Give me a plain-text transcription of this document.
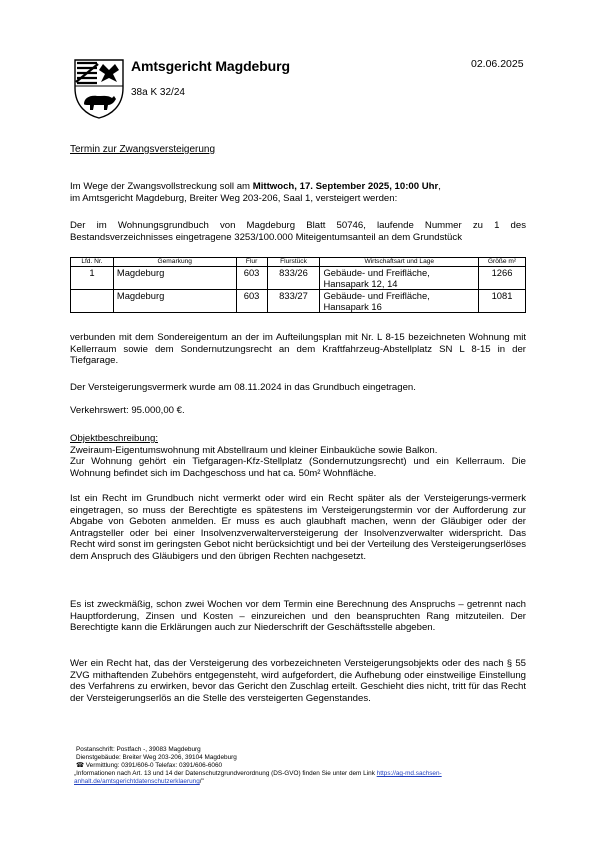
Amtsgericht Magdeburg
38a K 32/24
02.06.2025
Termin zur Zwangsversteigerung
Im Wege der Zwangsvollstreckung soll am Mittwoch, 17. September 2025, 10:00 Uhr,
im Amtsgericht Magdeburg, Breiter Weg 203-206, Saal 1, versteigert werden:
Der im Wohnungsgrundbuch von Magdeburg Blatt 50746, laufende Nummer zu 1 des Bestandsverzeichnisses eingetragene 3253/100.000 Miteigentumsanteil an dem Grundstück
Lfd. Nr.	Gemarkung	Flur	Flurstück	Wirtschaftsart und Lage	Größe m²
1	Magdeburg	603	833/26	Gebäude- und Freifläche,
Hansapark 12, 14	1266
	Magdeburg	603	833/27	Gebäude- und Freifläche,
Hansapark 16	1081
verbunden mit dem Sondereigentum an der im Aufteilungsplan mit Nr. L 8-15 bezeichneten Wohnung mit Kellerraum sowie dem Sondernutzungsrecht an dem Kraftfahrzeug-Abstellplatz SN L 8-15 in der Tiefgarage.
Der Versteigerungsvermerk wurde am 08.11.2024 in das Grundbuch eingetragen.
Verkehrswert: 95.000,00 €.
Objektbeschreibung:
Zweiraum-Eigentumswohnung mit Abstellraum und kleiner Einbauküche sowie Balkon.
Zur Wohnung gehört ein Tiefgaragen-Kfz-Stellplatz (Sondernutzungsrecht) und ein Kellerraum. Die Wohnung befindet sich im Dachgeschoss und hat ca. 50m² Wohnfläche.
Ist ein Recht im Grundbuch nicht vermerkt oder wird ein Recht später als der Versteigerungs-vermerk eingetragen, so muss der Berechtigte es spätestens im Versteigerungstermin vor der Aufforderung zur Abgabe von Geboten anmelden. Er muss es auch glaubhaft machen, wenn der Gläubiger oder der Antragsteller oder bei einer Insolvenzverwalterversteigerung der Insolvenzverwalter widerspricht. Das Recht wird sonst im geringsten Gebot nicht berücksichtigt und bei der Verteilung des Versteigerungserlöses dem Anspruch des Gläubigers und den übrigen Rechten nachgesetzt.
Es ist zweckmäßig, schon zwei Wochen vor dem Termin eine Berechnung des Anspruchs – getrennt nach Hauptforderung, Zinsen und Kosten – einzureichen und den beanspruchten Rang mitzuteilen. Der Berechtigte kann die Erklärungen auch zur Niederschrift der Geschäftsstelle abgeben.
Wer ein Recht hat, das der Versteigerung des vorbezeichneten Versteigerungsobjekts oder des nach § 55 ZVG mithaftenden Zubehörs entgegensteht, wird aufgefordert, die Aufhebung oder einstweilige Einstellung des Verfahrens zu erwirken, bevor das Gericht den Zuschlag erteilt. Geschieht dies nicht, tritt für das Recht der Versteigerungserlös an die Stelle des versteigerten Gegenstandes.
Postanschrift: Postfach -, 39083 Magdeburg
Dienstgebäude: Breiter Weg 203-206, 39104 Magdeburg
☎ Vermittlung: 0391/606-0 Telefax: 0391/606-6060
„Informationen nach Art. 13 und 14 der Datenschutzgrundverordnung (DS-GVO) finden Sie unter dem Link https://ag-md.sachsen-
anhalt.de/amtsgerichtdatenschutzerklaerung/"
